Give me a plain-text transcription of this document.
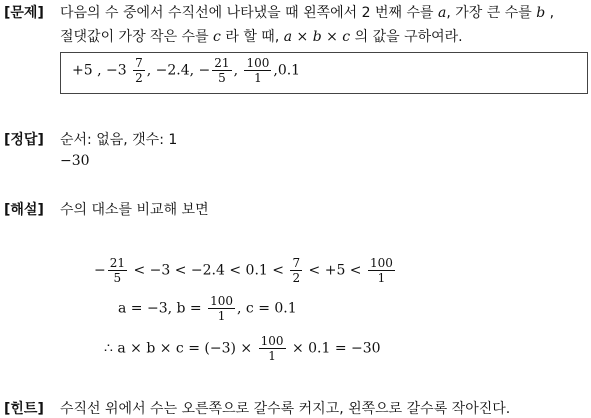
[문제] 다음의 수 중에서 수직선에 나타냈을 때 왼쪽에서 2 번째 수를 a, 가장 큰 수를 b ,
절댓값이 가장 작은 수를 c 라 할 때, a × b × c 의 값을 구하여라.
+5 , $-3 \frac{7}{2}$ , −2.4, − $\frac{21}{5}$ , $\frac{100}{1} ,0.1$
[정답] 순서: 없음, 갯수: 1
−30
[해설] 수의 대소를 비교해 보면
− $\frac{21}{5} < -3 < -2.4 < 0.1 < \frac{7}{2} < +5 < \frac{100}{1}$
a = −3, $b = \frac{100}{1}$ , c = 0.1
∴ $a \times b \times c = (-3) \times \frac{100}{1} \times 0.1 = -30$
[힌트] 수직선 위에서 수는 오른쪽으로 갈수록 커지고, 왼쪽으로 갈수록 작아진다.
